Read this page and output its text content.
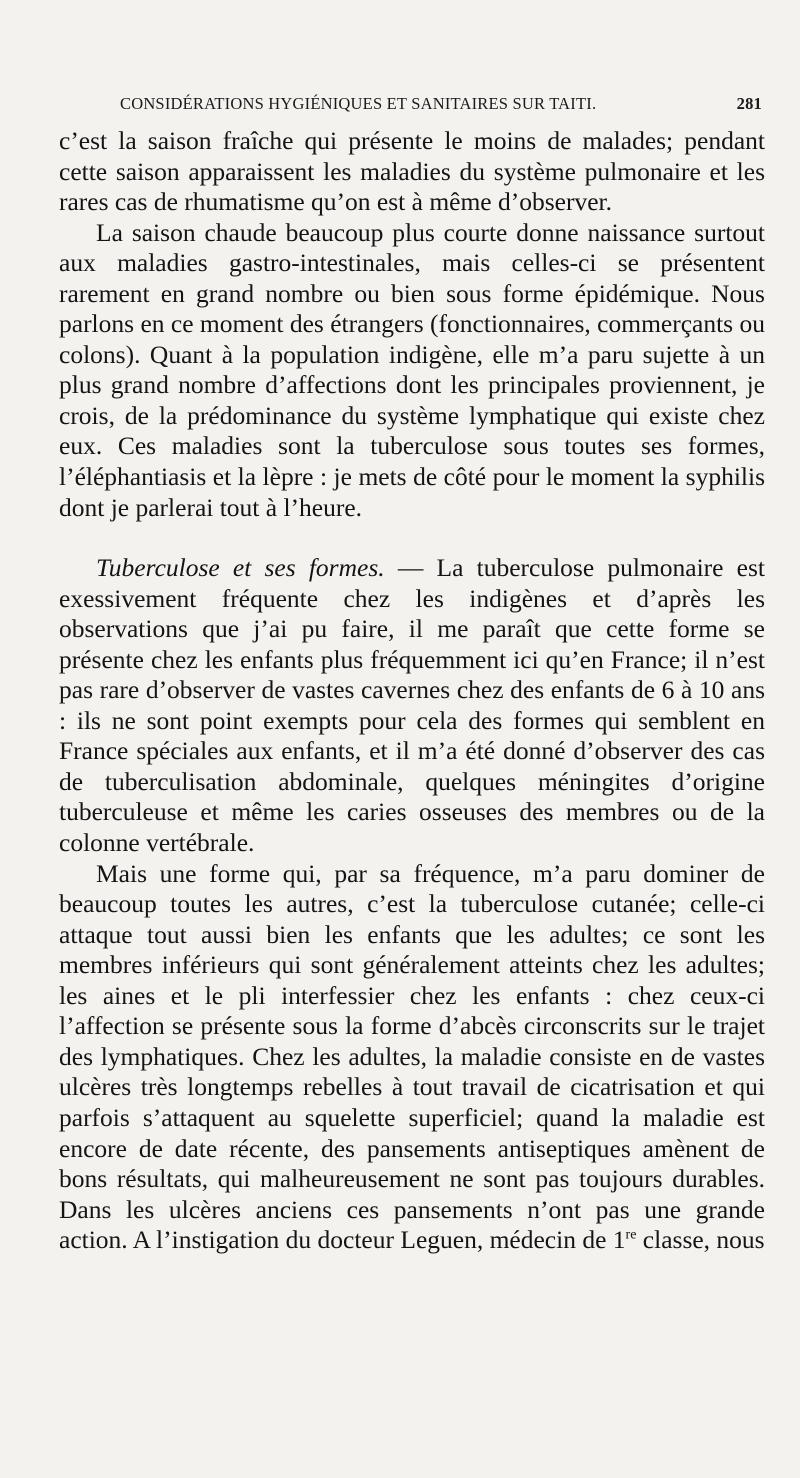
CONSIDÉRATIONS HYGIÉNIQUES ET SANITAIRES SUR TAITI.	281

c’est la saison fraîche qui présente le moins de malades; pendant cette saison apparaissent les maladies du système pulmonaire et les rares cas de rhumatisme qu’on est à même d’observer.

La saison chaude beaucoup plus courte donne naissance surtout aux maladies gastro-intestinales, mais celles-ci se présentent rarement en grand nombre ou bien sous forme épidémique. Nous parlons en ce moment des étrangers (fonctionnaires, commerçants ou colons). Quant à la population indigène, elle m’a paru sujette à un plus grand nombre d’affections dont les principales proviennent, je crois, de la prédominance du système lymphatique qui existe chez eux. Ces maladies sont la tuberculose sous toutes ses formes, l’éléphantiasis et la lèpre : je mets de côté pour le moment la syphilis dont je parlerai tout à l’heure.

Tuberculose et ses formes. — La tuberculose pulmonaire est exessivement fréquente chez les indigènes et d’après les observations que j’ai pu faire, il me paraît que cette forme se présente chez les enfants plus fréquemment ici qu’en France; il n’est pas rare d’observer de vastes cavernes chez des enfants de 6 à 10 ans : ils ne sont point exempts pour cela des formes qui semblent en France spéciales aux enfants, et il m’a été donné d’observer des cas de tuberculisation abdominale, quelques méningites d’origine tuberculeuse et même les caries osseuses des membres ou de la colonne vertébrale.

Mais une forme qui, par sa fréquence, m’a paru dominer de beaucoup toutes les autres, c’est la tuberculose cutanée; celle-ci attaque tout aussi bien les enfants que les adultes; ce sont les membres inférieurs qui sont généralement atteints chez les adultes; les aines et le pli interfessier chez les enfants : chez ceux-ci l’affection se présente sous la forme d’abcès circonscrits sur le trajet des lymphatiques. Chez les adultes, la maladie consiste en de vastes ulcères très longtemps rebelles à tout travail de cicatrisation et qui parfois s’attaquent au squelette superficiel; quand la maladie est encore de date récente, des pansements antiseptiques amènent de bons résultats, qui malheureusement ne sont pas toujours durables. Dans les ulcères anciens ces pansements n’ont pas une grande action. A l’instigation du docteur Leguen, médecin de 1re classe, nous
